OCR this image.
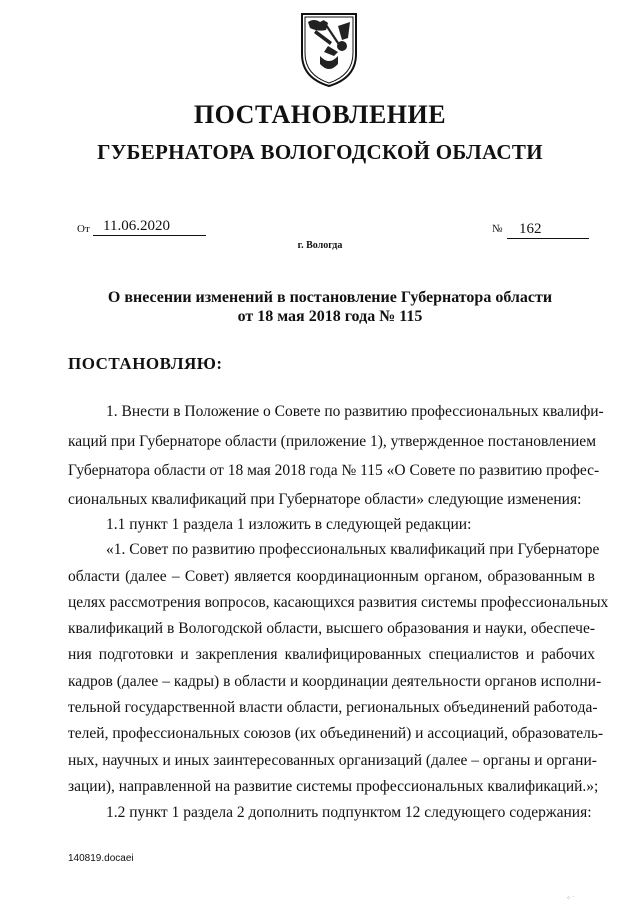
ПОСТАНОВЛЕНИЕ
ГУБЕРНАТОРА ВОЛОГОДСКОЙ ОБЛАСТИ
От 11.06.2020	№ 162
г. Вологда
О внесении изменений в постановление Губернатора области
от 18 мая 2018 года № 115
ПОСТАНОВЛЯЮ:
1. Внести в Положение о Совете по развитию профессиональных квалифи-
каций при Губернаторе области (приложение 1), утвержденное постановлением
Губернатора области от 18 мая 2018 года № 115 «О Совете по развитию профес-
сиональных квалификаций при Губернаторе области» следующие изменения:
1.1 пункт 1 раздела 1 изложить в следующей редакции:
«1. Совет по развитию профессиональных квалификаций при Губернаторе
области (далее – Совет) является координационным органом, образованным в
целях рассмотрения вопросов, касающихся развития системы профессиональных
квалификаций в Вологодской области, высшего образования и науки, обеспече-
ния подготовки и закрепления квалифицированных специалистов и рабочих
кадров (далее – кадры) в области и координации деятельности органов исполни-
тельной государственной власти области, региональных объединений работода-
телей, профессиональных союзов (их объединений) и ассоциаций, образователь-
ных, научных и иных заинтересованных организаций (далее – органы и органи-
зации), направленной на развитие системы профессиональных квалификаций.»;
1.2 пункт 1 раздела 2 дополнить подпунктом 12 следующего содержания:
140819.docaei
⁘ ˙
